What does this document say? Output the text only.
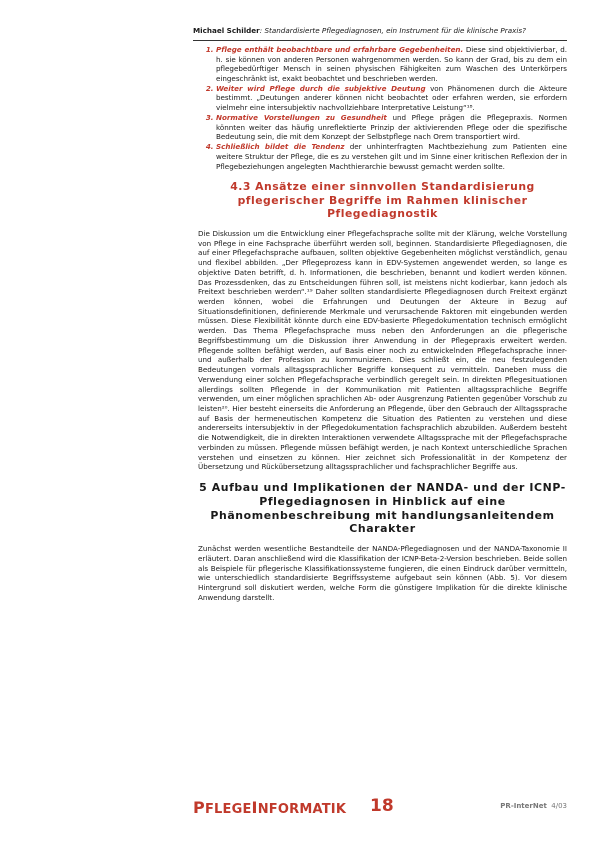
Michael Schilder: Standardisierte Pflegediagnosen, ein Instrument für die klinische Praxis?
1. Pflege enthält beobachtbare und erfahrbare Gegebenheiten. Diese sind objektivierbar, d. h. sie können von anderen Personen wahrgenommen werden. So kann der Grad, bis zu dem ein pflegebedürftiger Mensch in seinen physischen Fähigkeiten zum Waschen des Unterkörpers eingeschränkt ist, exakt beobachtet und beschrieben werden.
2. Weiter wird Pflege durch die subjektive Deutung von Phänomenen durch die Akteure bestimmt. „Deutungen anderer können nicht beobachtet oder erfahren werden, sie erfordern vielmehr eine intersubjektiv nachvollziehbare Interpretative Leistung“¹⁸.
3. Normative Vorstellungen zu Gesundheit und Pflege prägen die Pflegepraxis. Normen könnten weiter das häufig unreflektierte Prinzip der aktivierenden Pflege oder die spezifische Bedeutung sein, die mit dem Konzept der Selbstpflege nach Orem transportiert wird.
4. Schließlich bildet die Tendenz der unhinterfragten Machtbeziehung zum Patienten eine weitere Struktur der Pflege, die es zu verstehen gilt und im Sinne einer kritischen Reflexion der in Pflegebeziehungen angelegten Machthierarchie bewusst gemacht werden sollte.
4.3 Ansätze einer sinnvollen Standardisierung pflegerischer Begriffe im Rahmen klinischer Pflegediagnostik

Die Diskussion um die Entwicklung einer Pflegefachsprache sollte mit der Klärung, welche Vorstellung von Pflege in eine Fachsprache überführt werden soll, beginnen. Standardisierte Pflegediagnosen, die auf einer Pflegefachsprache aufbauen, sollten objektive Gegebenheiten möglichst verständlich, genau und flexibel abbilden. „Der Pflegeprozess kann in EDV-Systemen angewendet werden, so lange es objektive Daten betrifft, d. h. Informationen, die beschrieben, benannt und kodiert werden können. Das Prozessdenken, das zu Entscheidungen führen soll, ist meistens nicht kodierbar, kann jedoch als Freitext beschrieben werden“.¹⁹ Daher sollten standardisierte Pflegediagnosen durch Freitext ergänzt werden können, wobei die Erfahrungen und Deutungen der Akteure in Bezug auf Situationsdefinitionen, definierende Merkmale und verursachende Faktoren mit eingebunden werden müssen. Diese Flexibilität könnte durch eine EDV-basierte Pflegedokumentation technisch ermöglicht werden. Das Thema Pflegefachsprache muss neben den Anforderungen an die pflegerische Begriffsbestimmung um die Diskussion ihrer Anwendung in der Pflegepraxis erweitert werden. Pflegende sollten befähigt werden, auf Basis einer noch zu entwickelnden Pflegefachsprache inner- und außerhalb der Profession zu kommunizieren. Dies schließt ein, die neu festzulegenden Bedeutungen vormals alltagssprachlicher Begriffe konsequent zu vermitteln. Daneben muss die Verwendung einer solchen Pflegefachsprache verbindlich geregelt sein. In direkten Pflegesituationen allerdings sollten Pflegende in der Kommunikation mit Patienten alltagssprachliche Begriffe verwenden, um einer möglichen sprachlichen Ab- oder Ausgrenzung Patienten gegenüber Vorschub zu leisten²⁰. Hier besteht einerseits die Anforderung an Pflegende, über den Gebrauch der Alltagssprache auf Basis der hermeneutischen Kompetenz die Situation des Patienten zu verstehen und diese andererseits intersubjektiv in der Pflegedokumentation fachsprachlich abzubilden. Außerdem besteht die Notwendigkeit, die in direkten Interaktionen verwendete Alltagssprache mit der Pflegefachsprache verbinden zu müssen. Pflegende müssen befähigt werden, je nach Kontext unterschiedliche Sprachen verstehen und einsetzen zu können. Hier zeichnet sich Professionalität in der Kompetenz der Übersetzung und Rückübersetzung alltagssprachlicher und fachsprachlicher Begriffe aus.

5 Aufbau und Implikationen der NANDA- und der ICNP-Pflegediagnosen in Hinblick auf eine Phänomenbeschreibung mit handlungsanleitendem Charakter

Zunächst werden wesentliche Bestandteile der NANDA-Pflegediagnosen und der NANDA-Taxonomie II erläutert. Daran anschließend wird die Klassifikation der ICNP-Beta-2-Version beschrieben. Beide sollen als Beispiele für pflegerische Klassifikationssysteme fungieren, die einen Eindruck darüber vermitteln, wie unterschiedlich standardisierte Begriffssysteme aufgebaut sein können (Abb. 5). Vor diesem Hintergrund soll diskutiert werden, welche Form die günstigere Implikation für die direkte klinische Anwendung darstellt.

PFLEGEINFORMATIK 18	PR-InterNet 4/03
